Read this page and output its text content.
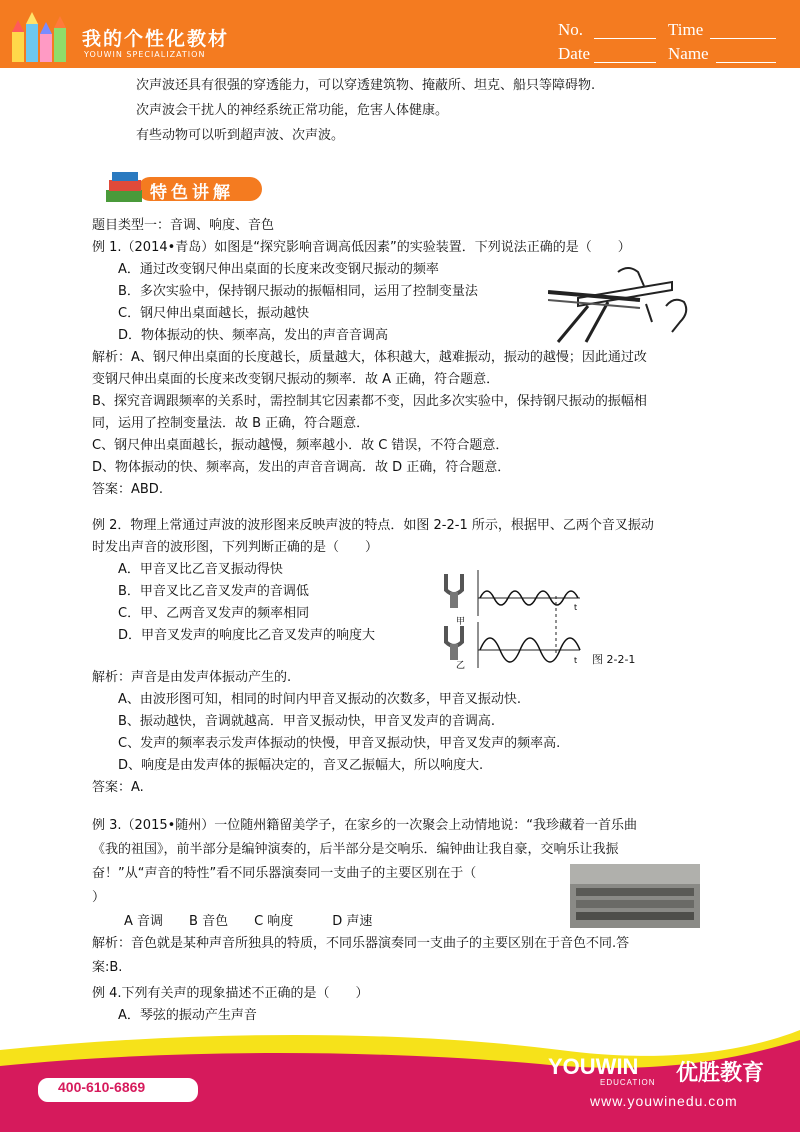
我的个性化教材
YOUWIN SPECIALIZATION
No.	Time
Date	Name
次声波还具有很强的穿透能力，可以穿透建筑物、掩蔽所、坦克、船只等障碍物.
次声波会干扰人的神经系统正常功能，危害人体健康。
有些动物可以听到超声波、次声波。
特色讲解
题目类型一：音调、响度、音色
例 1.（2014•青岛）如图是“探究影响音调高低因素”的实验装置．下列说法正确的是（　　）
A．通过改变钢尺伸出桌面的长度来改变钢尺振动的频率
B．多次实验中，保持钢尺振动的振幅相同，运用了控制变量法
C．钢尺伸出桌面越长，振动越快
D．物体振动的快、频率高，发出的声音音调高
解析：A、钢尺伸出桌面的长度越长，质量越大，体积越大，越难振动，振动的越慢；因此通过改
变钢尺伸出桌面的长度来改变钢尺振动的频率．故 A 正确，符合题意．
B、探究音调跟频率的关系时，需控制其它因素都不变，因此多次实验中，保持钢尺振动的振幅相
同，运用了控制变量法．故 B 正确，符合题意．
C、钢尺伸出桌面越长，振动越慢，频率越小．故 C 错误，不符合题意．
D、物体振动的快、频率高，发出的声音音调高．故 D 正确，符合题意．
答案：ABD.
例 2．物理上常通过声波的波形图来反映声波的特点．如图 2-2-1 所示，根据甲、乙两个音叉振动
时发出声音的波形图，下列判断正确的是（　　）
A．甲音叉比乙音叉振动得快
B．甲音叉比乙音叉发声的音调低
C．甲、乙两音叉发声的频率相同
D．甲音叉发声的响度比乙音叉发声的响度大
甲
乙
t
t 图 2-2-1
解析：声音是由发声体振动产生的.
A、由波形图可知，相同的时间内甲音叉振动的次数多，甲音叉振动快.
B、振动越快，音调就越高．甲音叉振动快，甲音叉发声的音调高.
C、发声的频率表示发声体振动的快慢，甲音叉振动快，甲音叉发声的频率高.
D、响度是由发声体的振幅决定的，音叉乙振幅大，所以响度大.
答案：A.
例 3.（2015•随州）一位随州籍留美学子，在家乡的一次聚会上动情地说：“我珍藏着一首乐曲
《我的祖国》，前半部分是编钟演奏的，后半部分是交响乐．编钟曲让我自豪，交响乐让我振
奋！”从“声音的特性”看不同乐器演奏同一支曲子的主要区别在于（
）
A 音调　　B 音色　　C 响度　　　D 声速
解析：音色就是某种声音所独具的特质，不同乐器演奏同一支曲子的主要区别在于音色不同.答
案:B.
例 4.下列有关声的现象描述不正确的是（　　）
A．琴弦的振动产生声音
400-610-6869
YOUWIN
EDUCATION 优胜教育
www.youwinedu.com
